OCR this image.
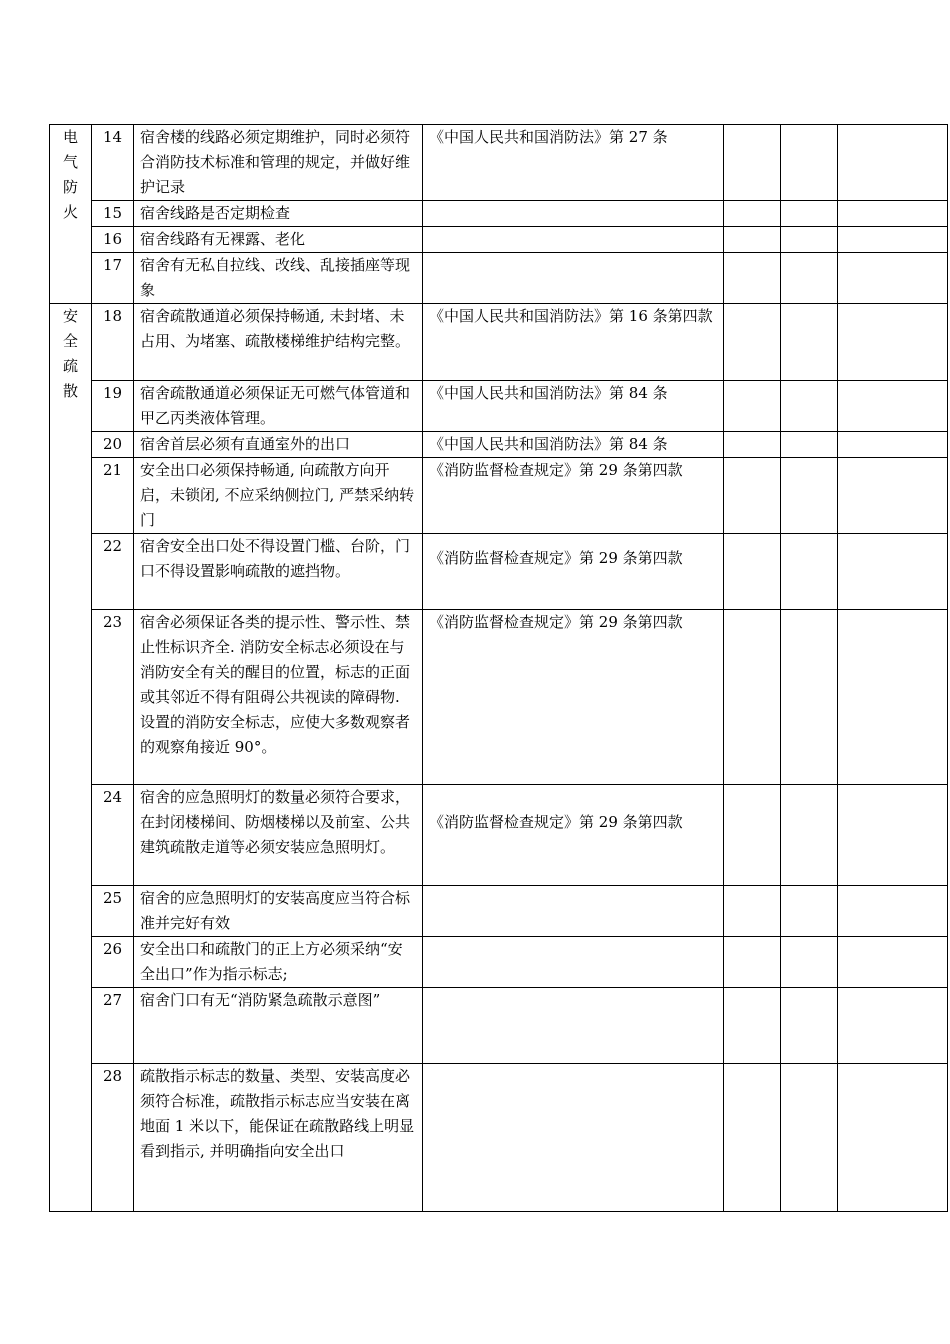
电气防火	14	宿舍楼的线路必须定期维护，同时必须符合消防技术标准和管理的规定，并做好维护记录	《中国人民共和国消防法》第 27 条			
	15	宿舍线路是否定期检查				
	16	宿舍线路有无裸露、老化				
	17	宿舍有无私自拉线、改线、乱接插座等现象				

安全疏散	18	宿舍疏散通道必须保持畅通, 未封堵、未占用、为堵塞、疏散楼梯维护结构完整。	《中国人民共和国消防法》第 16 条第四款			
	19	宿舍疏散通道必须保证无可燃气体管道和甲乙丙类液体管理。	《中国人民共和国消防法》第 84 条			
	20	宿舍首层必须有直通室外的出口	《中国人民共和国消防法》第 84 条			
	21	安全出口必须保持畅通, 向疏散方向开启，未锁闭, 不应采纳侧拉门, 严禁采纳转门	《消防监督检查规定》第 29 条第四款			
	22	宿舍安全出口处不得设置门槛、台阶，门口不得设置影响疏散的遮挡物。	《消防监督检查规定》第 29 条第四款			
	23	宿舍必须保证各类的提示性、警示性、禁止性标识齐全. 消防安全标志必须设在与消防安全有关的醒目的位置，标志的正面或其邻近不得有阻碍公共视读的障碍物. 设置的消防安全标志，应使大多数观察者的观察角接近 90°。	《消防监督检查规定》第 29 条第四款			
	24	宿舍的应急照明灯的数量必须符合要求，在封闭楼梯间、防烟楼梯以及前室、公共建筑疏散走道等必须安装应急照明灯。	《消防监督检查规定》第 29 条第四款			
	25	宿舍的应急照明灯的安装高度应当符合标准并完好有效				
	26	安全出口和疏散门的正上方必须采纳“安全出口”作为指示标志;				
	27	宿舍门口有无“消防紧急疏散示意图”				
	28	疏散指示标志的数量、类型、安装高度必须符合标准，疏散指示标志应当安装在离地面 1 米以下，能保证在疏散路线上明显看到指示, 并明确指向安全出口				
